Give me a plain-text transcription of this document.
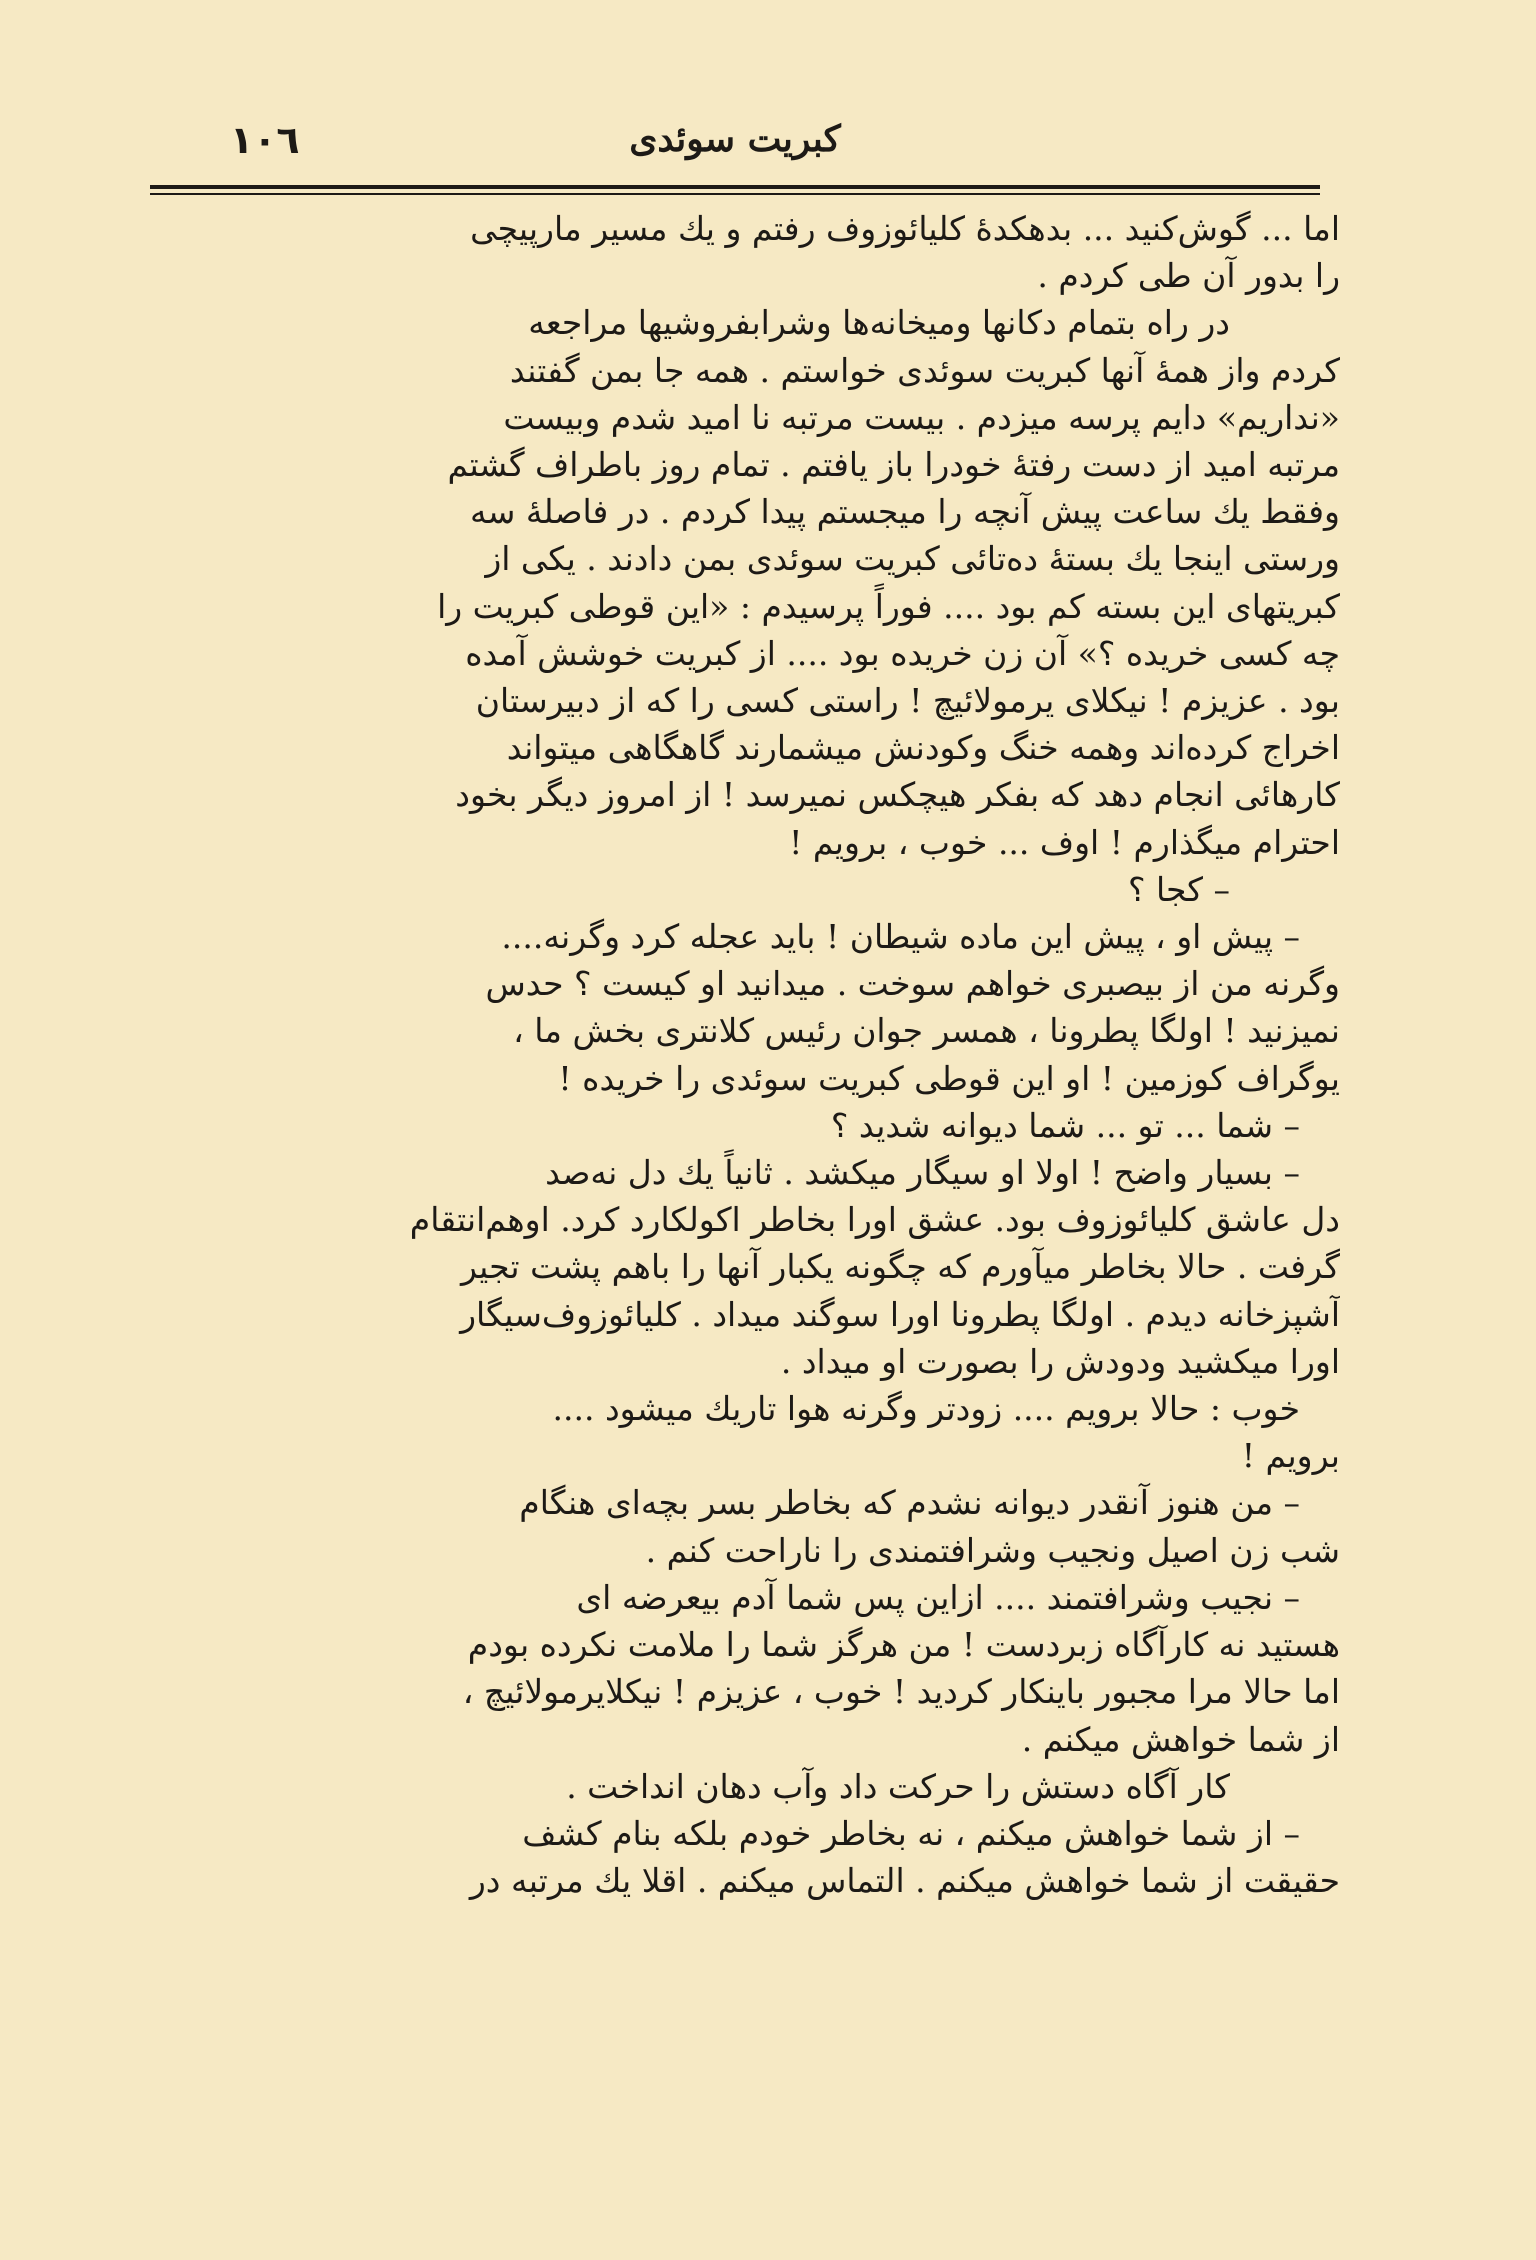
١٠٦	کبریت سوئدی
اما ... گوش‌کنید ... بدهکدهٔ کلیائوزوف رفتم و یك مسیر مارپیچی
را بدور آن طی کردم .
در راه بتمام دکانها ومیخانه‌ها وشرابفروشیها مراجعه
کردم واز همهٔ آنها کبریت سوئدی خواستم . همه جا بمن گفتند
«نداریم» دایم پرسه میزدم . بیست مرتبه نا امید شدم وبیست
مرتبه امید از دست رفتهٔ خودرا باز یافتم . تمام روز باطراف گشتم
وفقط یك ساعت پیش آنچه را میجستم پیدا کردم . در فاصلهٔ سه
ورستی اینجا یك بستهٔ ده‌تائی کبریت سوئدی بمن دادند . یکی از
کبریتهای این بسته کم بود .... فوراً پرسیدم : «این قوطی کبریت را
چه کسی خریده ؟» آن زن خریده بود .... از کبریت خوشش آمده
بود . عزیزم ! نیکلای یرمولائیچ ! راستی کسی را که از دبیرستان
اخراج کرده‌اند وهمه خنگ وکودنش میشمارند گاهگاهی میتواند
کارهائی انجام دهد که بفکر هیچکس نمیرسد ! از امروز دیگر بخود
احترام میگذارم ! اوف ... خوب ، برویم !
– کجا ؟
– پیش او ، پیش این ماده شیطان ! باید عجله کرد وگرنه....
وگرنه من از بیصبری خواهم سوخت . میدانید او کیست ؟ حدس
نمیزنید ! اولگا پطرونا ، همسر جوان رئیس کلانتری بخش ما ،
یوگراف کوزمین ! او این قوطی کبریت سوئدی را خریده !
– شما ... تو ... شما دیوانه شدید ؟
– بسیار واضح ! اولا او سیگار میکشد . ثانیاً یك دل نه‌صد
دل عاشق کلیائوزوف بود. عشق اورا بخاطر اکولکارد کرد. اوهم‌انتقام
گرفت . حالا بخاطر میآورم که چگونه یکبار آنها را باهم پشت تجیر
آشپزخانه دیدم . اولگا پطرونا اورا سوگند میداد . کلیائوزوف‌سیگار
اورا میکشید ودودش را بصورت او میداد .
خوب : حالا برویم .... زودتر وگرنه هوا تاریك میشود ....
برویم !
– من هنوز آنقدر دیوانه نشدم که بخاطر بسر بچه‌ای هنگام
شب زن اصیل ونجیب وشرافتمندی را ناراحت کنم .
– نجیب وشرافتمند .... ازاین پس شما آدم بیعرضه ای
هستید نه کارآگاه زبردست ! من هرگز شما را ملامت نکرده بودم
اما حالا مرا مجبور باینکار کردید ! خوب ، عزیزم ! نیکلایرمولائیچ ،
از شما خواهش میکنم .
کار آگاه دستش را حرکت داد وآب دهان انداخت .
– از شما خواهش میکنم ، نه بخاطر خودم بلکه بنام کشف
حقیقت از شما خواهش میکنم . التماس میکنم . اقلا یك مرتبه در
